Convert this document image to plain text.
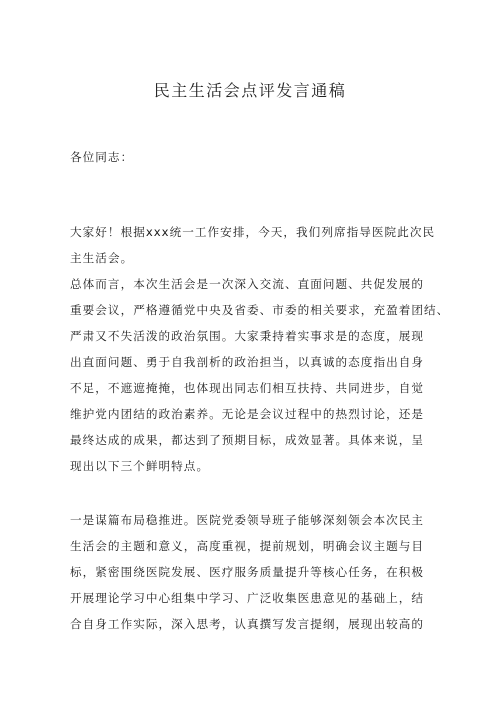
民主生活会点评发言通稿
各位同志：
大家好！根据xxx统一工作安排，今天，我们列席指导医院此次民
主生活会。
总体而言，本次生活会是一次深入交流、直面问题、共促发展的
重要会议，严格遵循党中央及省委、市委的相关要求，充盈着团结、
严肃又不失活泼的政治氛围。大家秉持着实事求是的态度，展现
出直面问题、勇于自我剖析的政治担当，以真诚的态度指出自身
不足，不遮遮掩掩，也体现出同志们相互扶持、共同进步，自觉
维护党内团结的政治素养。无论是会议过程中的热烈讨论，还是
最终达成的成果，都达到了预期目标，成效显著。具体来说，呈
现出以下三个鲜明特点。
一是谋篇布局稳推进。医院党委领导班子能够深刻领会本次民主
生活会的主题和意义，高度重视，提前规划，明确会议主题与目
标，紧密围绕医院发展、医疗服务质量提升等核心任务，在积极
开展理论学习中心组集中学习、广泛收集医患意见的基础上，结
合自身工作实际，深入思考，认真撰写发言提纲，展现出较高的
